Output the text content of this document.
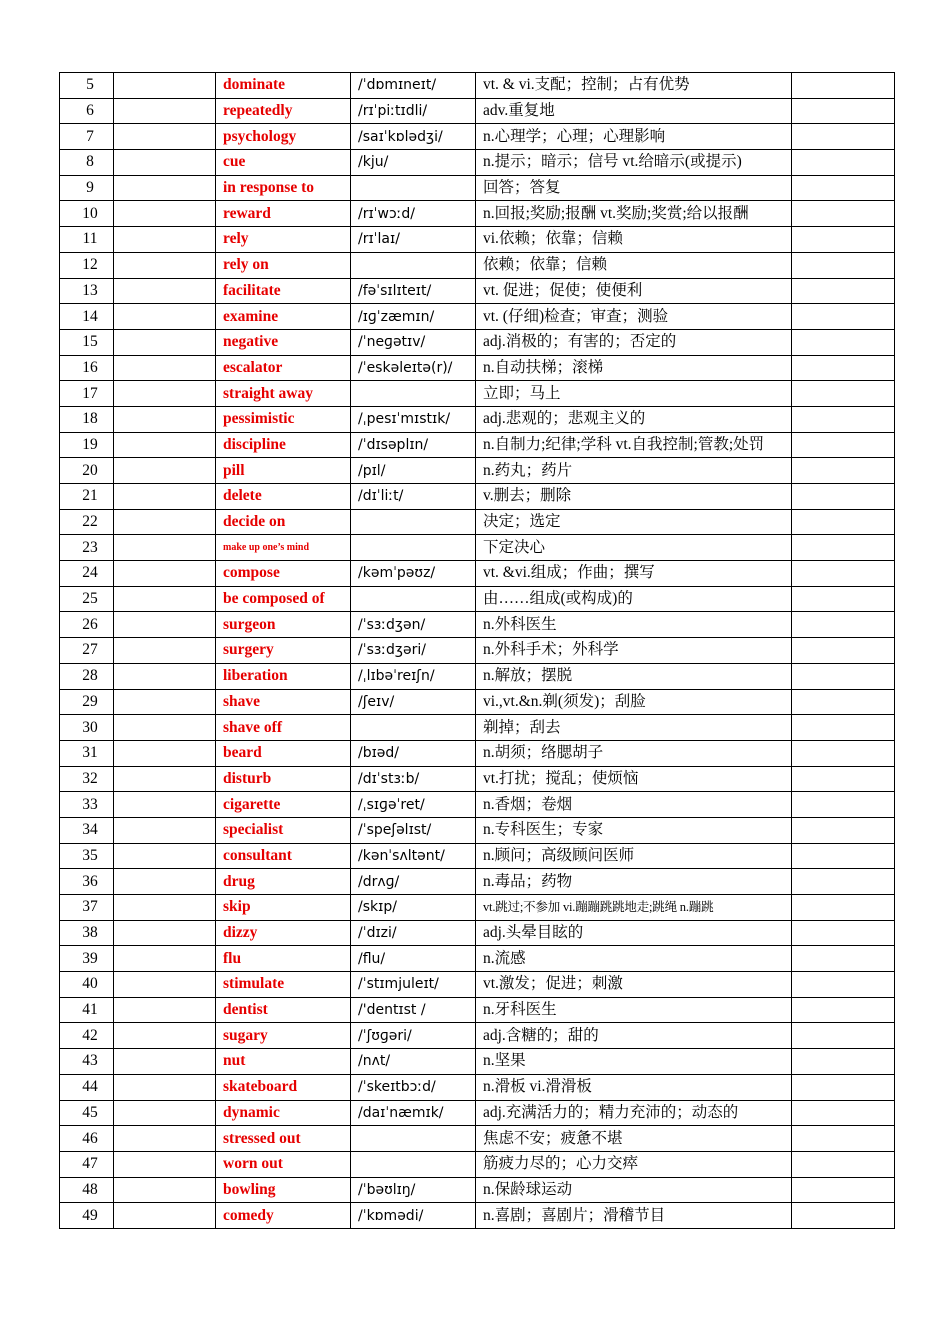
5		dominate	/ˈdɒmɪneɪt/	vt. & vi.支配；控制；占有优势	
6		repeatedly	/rɪˈpiːtɪdli/	adv.重复地	
7		psychology	/saɪˈkɒlədʒi/	n.心理学；心理；心理影响	
8		cue	/kju/	n.提示；暗示；信号 vt.给暗示(或提示)	
9		in response to		回答；答复	
10		reward	/rɪˈwɔːd/	n.回报;奖励;报酬 vt.奖励;奖赏;给以报酬	
11		rely	/rɪˈlaɪ/	vi.依赖；依靠；信赖	
12		rely on		依赖；依靠；信赖	
13		facilitate	/fəˈsɪlɪteɪt/	vt. 促进；促使；使便利	
14		examine	/ɪɡˈzæmɪn/	vt. (仔细)检查；审查；测验	
15		negative	/ˈneɡətɪv/	adj.消极的；有害的；否定的	
16		escalator	/ˈeskəleɪtə(r)/	n.自动扶梯；滚梯	
17		straight away		立即；马上	
18		pessimistic	/ˌpesɪˈmɪstɪk/	adj.悲观的；悲观主义的	
19		discipline	/ˈdɪsəplɪn/	n.自制力;纪律;学科 vt.自我控制;管教;处罚	
20		pill	/pɪl/	n.药丸；药片	
21		delete	/dɪˈliːt/	v.删去；删除	
22		decide on		决定；选定	
23		make up one’s mind		下定决心	
24		compose	/kəmˈpəʊz/	vt. &vi.组成；作曲；撰写	
25		be composed of		由……组成(或构成)的	
26		surgeon	/ˈsɜːdʒən/	n.外科医生	
27		surgery	/ˈsɜːdʒəri/	n.外科手术；外科学	
28		liberation	/ˌlɪbəˈreɪʃn/	n.解放；摆脱	
29		shave	/ʃeɪv/	vi.,vt.&n.剃(须发)；刮脸	
30		shave off		剃掉；刮去	
31		beard	/bɪəd/	n.胡须；络腮胡子	
32		disturb	/dɪˈstɜːb/	vt.打扰；搅乱；使烦恼	
33		cigarette	/ˌsɪɡəˈret/	n.香烟；卷烟	
34		specialist	/ˈspeʃəlɪst/	n.专科医生；专家	
35		consultant	/kənˈsʌltənt/	n.顾问；高级顾问医师	
36		drug	/drʌɡ/	n.毒品；药物	
37		skip	/skɪp/	vt.跳过;不参加 vi.蹦蹦跳跳地走;跳绳 n.蹦跳	
38		dizzy	/ˈdɪzi/	adj.头晕目眩的	
39		flu	/flu/	n.流感	
40		stimulate	/ˈstɪmjuleɪt/	vt.激发；促进；刺激	
41		dentist	/'dentɪst /	n.牙科医生	
42		sugary	/ˈʃʊɡəri/	adj.含糖的；甜的	
43		nut	/nʌt/	n.坚果	
44		skateboard	/ˈskeɪtbɔːd/	n.滑板 vi.滑滑板	
45		dynamic	/daɪˈnæmɪk/	adj.充满活力的；精力充沛的；动态的	
46		stressed out		焦虑不安；疲惫不堪	
47		worn out		筋疲力尽的；心力交瘁	
48		bowling	/ˈbəʊlɪŋ/	n.保龄球运动	
49		comedy	/ˈkɒmədi/	n.喜剧；喜剧片；滑稽节目	
